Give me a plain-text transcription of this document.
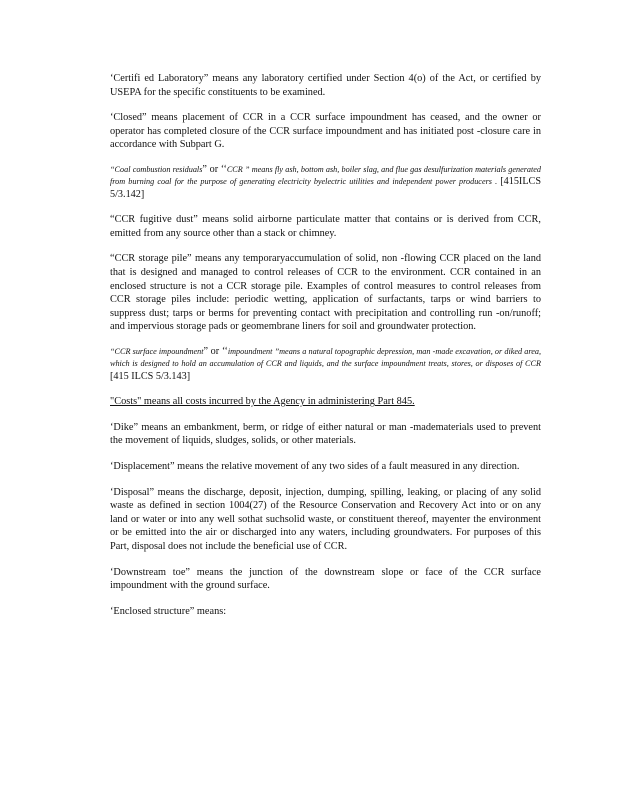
‘Certifi ed Laboratory” means any laboratory certified under Section 4(o) of the Act, or certified by USEPA for the specific constituents to be examined.

‘Closed” means placement of CCR in a CCR surface impoundment has ceased, and the owner or operator has completed closure of the CCR surface impoundment and has initiated post -closure care in accordance with Subpart G.

“Coal combustion residuals” or ‘‘CCR ” means fly ash, bottom ash, boiler slag, and flue gas desulfurization materials generated from burning coal for the purpose of generating electricity byelectric utilities and independent power producers . [415ILCS 5/3.142]

“CCR fugitive dust” means solid airborne particulate matter that contains or is derived from CCR, emitted from any source other than a stack or chimney.

“CCR storage pile” means any temporaryaccumulation of solid, non -flowing CCR placed on the land that is designed and managed to control releases of CCR to the environment. CCR contained in an enclosed structure is not a CCR storage pile. Examples of control measures to control releases from CCR storage piles include: periodic wetting, application of surfactants, tarps or wind barriers to suppress dust; tarps or berms for preventing contact with precipitation and controlling run -on/runoff; and impervious storage pads or geomembrane liners for soil and groundwater protection.

“CCR surface impoundment” or ‘‘impoundment ”means a natural topographic depression, man -made excavation, or diked area, which is designed to hold an accumulation of CCR and liquids, and the surface impoundment treats, stores, or disposes of CCR [415 ILCS 5/3.143]

"Costs" means all costs incurred by the Agency in administering Part 845.

‘Dike” means an embankment, berm, or ridge of either natural or man -madematerials used to prevent the movement of liquids, sludges, solids, or other materials.

‘Displacement” means the relative movement of any two sides of a fault measured in any direction.

‘Disposal” means the discharge, deposit, injection, dumping, spilling, leaking, or placing of any solid waste as defined in section 1004(27) of the Resource Conservation and Recovery Act into or on any land or water or into any well sothat suchsolid waste, or constituent thereof, mayenter the environment or be emitted into the air or discharged into any waters, including groundwaters. For purposes of this Part, disposal does not include the beneficial use of CCR.

‘Downstream toe” means the junction of the downstream slope or face of the CCR surface impoundment with the ground surface.

‘Enclosed structure” means:
